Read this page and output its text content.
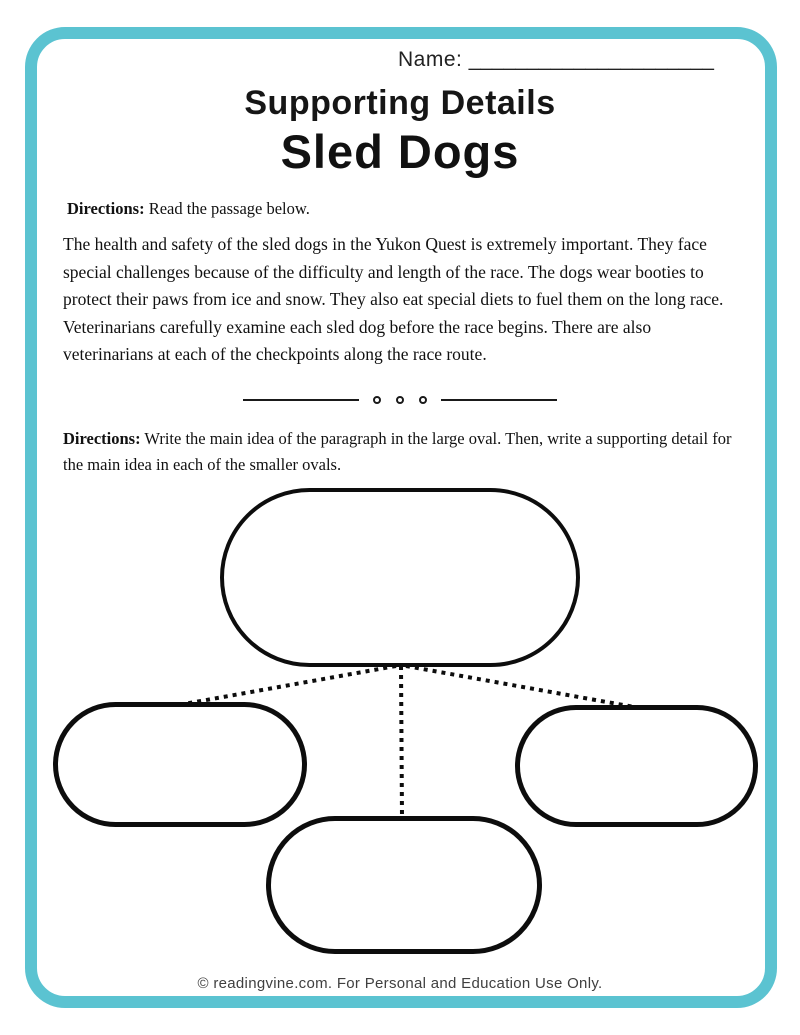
Name: _____________________
Supporting Details
Sled Dogs
Directions: Read the passage below.

The health and safety of the sled dogs in the Yukon Quest is extremely important. They face special challenges because of the difficulty and length of the race. The dogs wear booties to protect their paws from ice and snow. They also eat special diets to fuel them on the long race. Veterinarians carefully examine each sled dog before the race begins. There are also veterinarians at each of the checkpoints along the race route.

Directions: Write the main idea of the paragraph in the large oval. Then, write a supporting detail for the main idea in each of the smaller ovals.
© readingvine.com. For Personal and Education Use Only.
